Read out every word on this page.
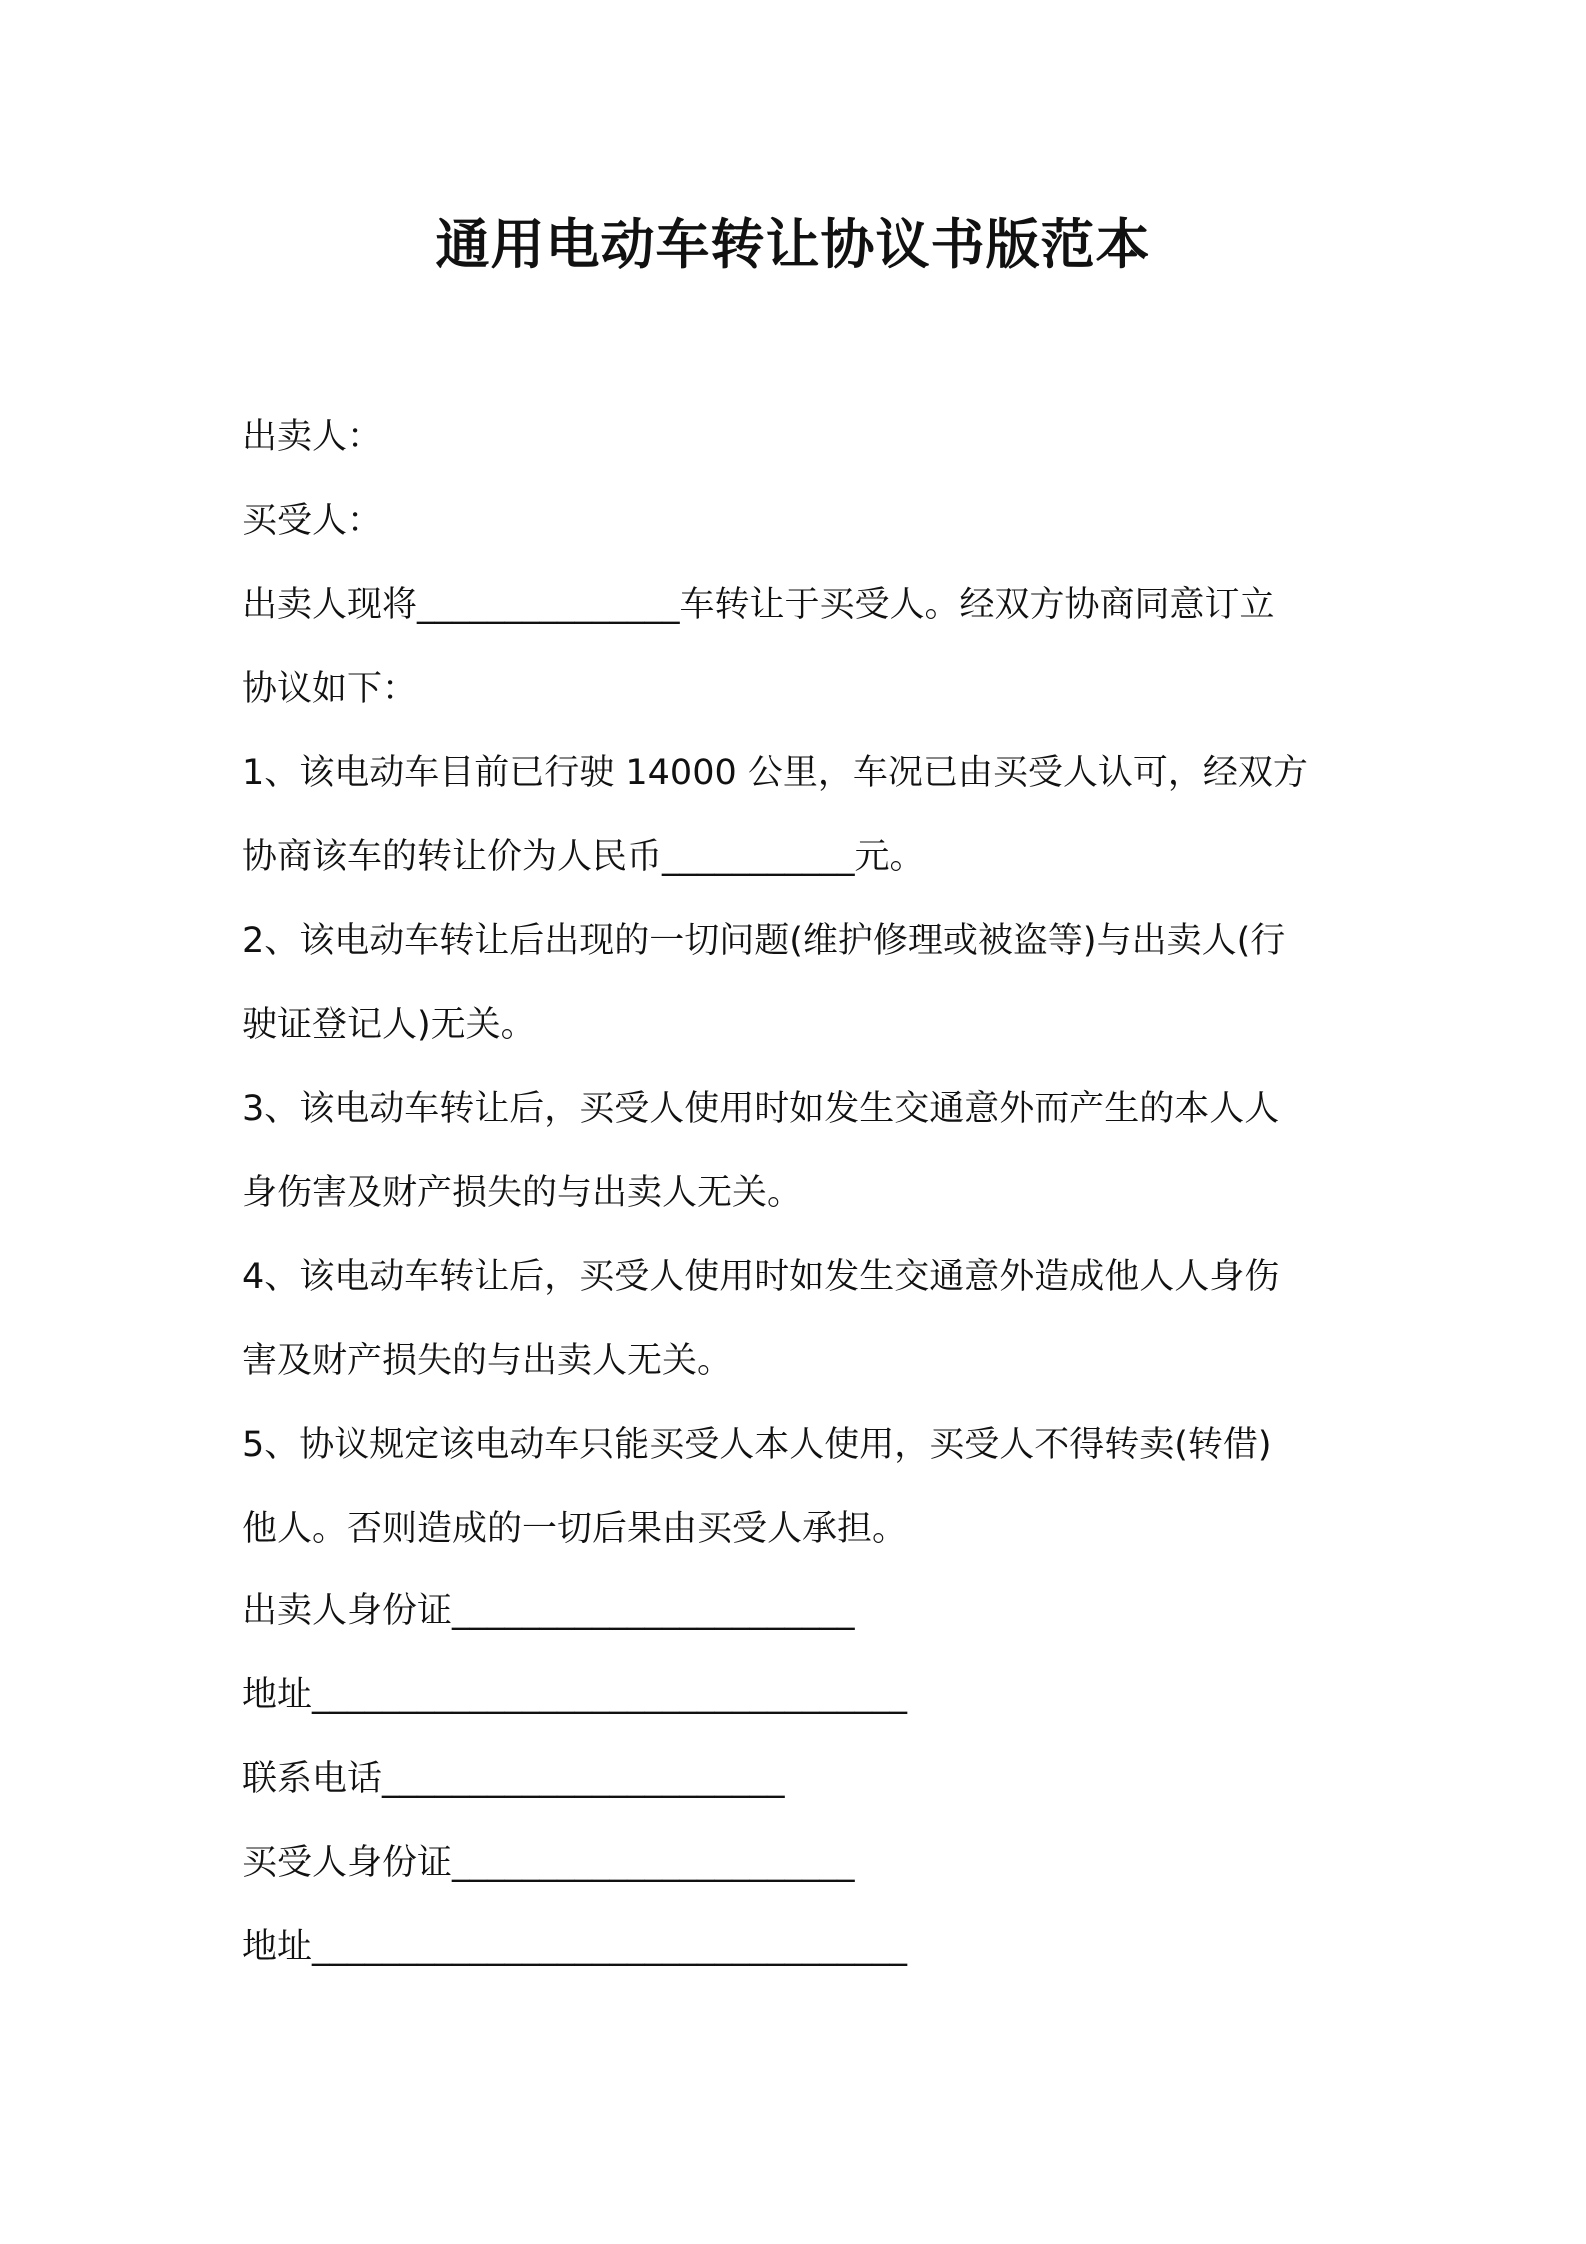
通用电动车转让协议书版范本
出卖人：
买受人：
出卖人现将_______________车转让于买受人。经双方协商同意订立
协议如下：
1、该电动车目前已行驶 14000 公里，车况已由买受人认可，经双方
协商该车的转让价为人民币___________元。
2、该电动车转让后出现的一切问题(维护修理或被盗等)与出卖人(行
驶证登记人)无关。
3、该电动车转让后，买受人使用时如发生交通意外而产生的本人人
身伤害及财产损失的与出卖人无关。
4、该电动车转让后，买受人使用时如发生交通意外造成他人人身伤
害及财产损失的与出卖人无关。
5、协议规定该电动车只能买受人本人使用，买受人不得转卖(转借)
他人。否则造成的一切后果由买受人承担。
出卖人身份证_______________________
地址__________________________________
联系电话_______________________
买受人身份证_______________________
地址__________________________________
